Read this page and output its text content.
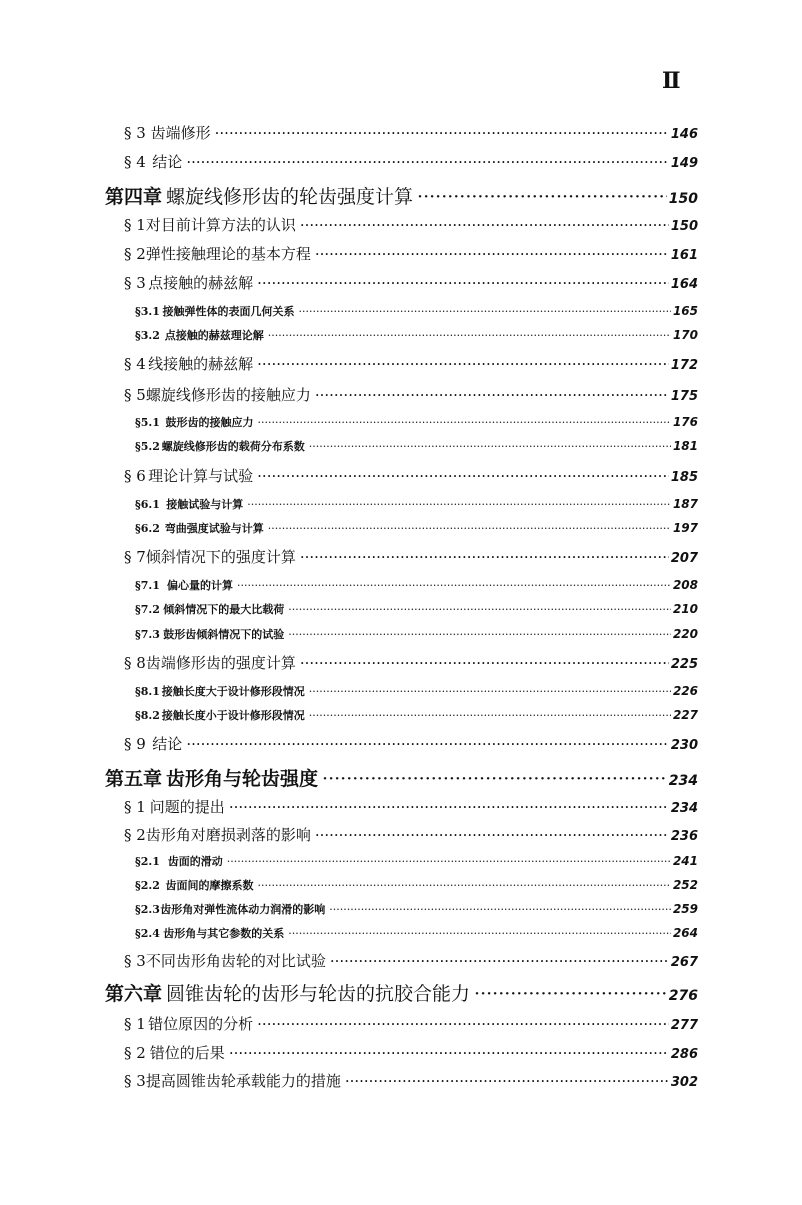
Ⅱ
§ 3 齿端修形 ·····	146
§ 4 结论 ·····	149
第四章 螺旋线修形齿的轮齿强度计算 ·····	150
§ 1 对目前计算方法的认识 ·····	150
§ 2 弹性接触理论的基本方程 ·····	161
§ 3 点接触的赫兹解 ·····	164
§3.1 接触弹性体的表面几何关系 ·····	165
§3.2 点接触的赫兹理论解 ·····	170
§ 4 线接触的赫兹解 ·····	172
§ 5 螺旋线修形齿的接触应力 ·····	175
§5.1 鼓形齿的接触应力 ·····	176
§5.2 螺旋线修形齿的载荷分布系数 ·····	181
§ 6 理论计算与试验 ·····	185
§6.1 接触试验与计算 ·····	187
§6.2 弯曲强度试验与计算 ·····	197
§ 7 倾斜情况下的强度计算 ·····	207
§7.1 偏心量的计算 ·····	208
§7.2 倾斜情况下的最大比载荷 ·····	210
§7.3 鼓形齿倾斜情况下的试验 ·····	220
§ 8 齿端修形齿的强度计算 ·····	225
§8.1 接触长度大于设计修形段情况 ·····	226
§8.2 接触长度小于设计修形段情况 ·····	227
§ 9 结论 ·····	230
第五章 齿形角与轮齿强度 ·····	234
§ 1 问题的提出 ·····	234
§ 2 齿形角对磨损剥落的影响 ·····	236
§2.1 齿面的滑动 ·····	241
§2.2 齿面间的摩擦系数 ·····	252
§2.3 齿形角对弹性流体动力润滑的影响 ·····	259
§2.4 齿形角与其它参数的关系 ·····	264
§ 3 不同齿形角齿轮的对比试验 ·····	267
第六章 圆锥齿轮的齿形与轮齿的抗胶合能力 ·····	276
§ 1 错位原因的分析 ·····	277
§ 2 错位的后果 ·····	286
§ 3 提高圆锥齿轮承载能力的措施 ·····	302
